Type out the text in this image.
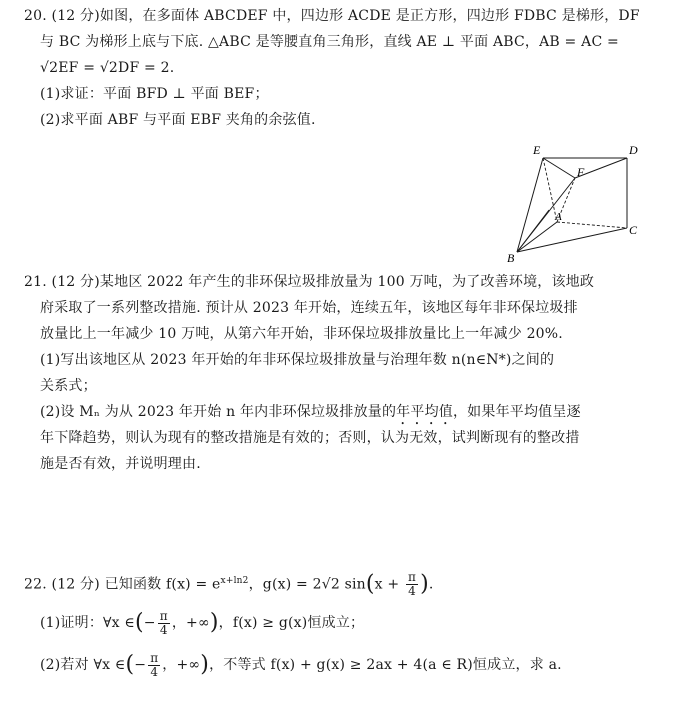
20. (12 分)如图，在多面体 ABCDEF 中，四边形 ACDE 是正方形，四边形 FDBC 是梯形，DF
与 BC 为梯形上底与下底. △ABC 是等腰直角三角形，直线 AE ⊥ 平面 ABC，AB = AC =
√2EF = √2DF = 2.
(1)求证：平面 BFD ⊥ 平面 BEF；
(2)求平面 ABF 与平面 EBF 夹角的余弦值.
E	D
F
A
C
B
21. (12 分)某地区 2022 年产生的非环保垃圾排放量为 100 万吨，为了改善环境，该地政
府采取了一系列整改措施. 预计从 2023 年开始，连续五年，该地区每年非环保垃圾排
放量比上一年减少 10 万吨，从第六年开始，非环保垃圾排放量比上一年减少 20%.
(1)写出该地区从 2023 年开始的年非环保垃圾排放量与治理年数 n(n∈N*)之间的
关系式；
(2)设 Mₙ 为从 2023 年开始 n 年内非环保垃圾排放量的年平均值，如果年平均值呈逐
年下降趋势，则认为现有的整改措施是有效的；否则，认为无效，试判断现有的整改措
施是否有效，并说明理由.
22. (12 分) 已知函数 $f(x) = e^{x+ln2}$，g(x) = 2√2 $\sin(x + \frac{\pi}{4}$ ).
(1)证明：∀x ∈(− $\frac{\pi}{4}$ ，+∞)，f(x) ≥ g(x)恒成立；
(2)若对 ∀x ∈(− $\frac{\pi}{4}$ ，+∞)，不等式 f(x) + g(x) ≥ 2ax + 4(a ∈ R)恒成立，求 a.
